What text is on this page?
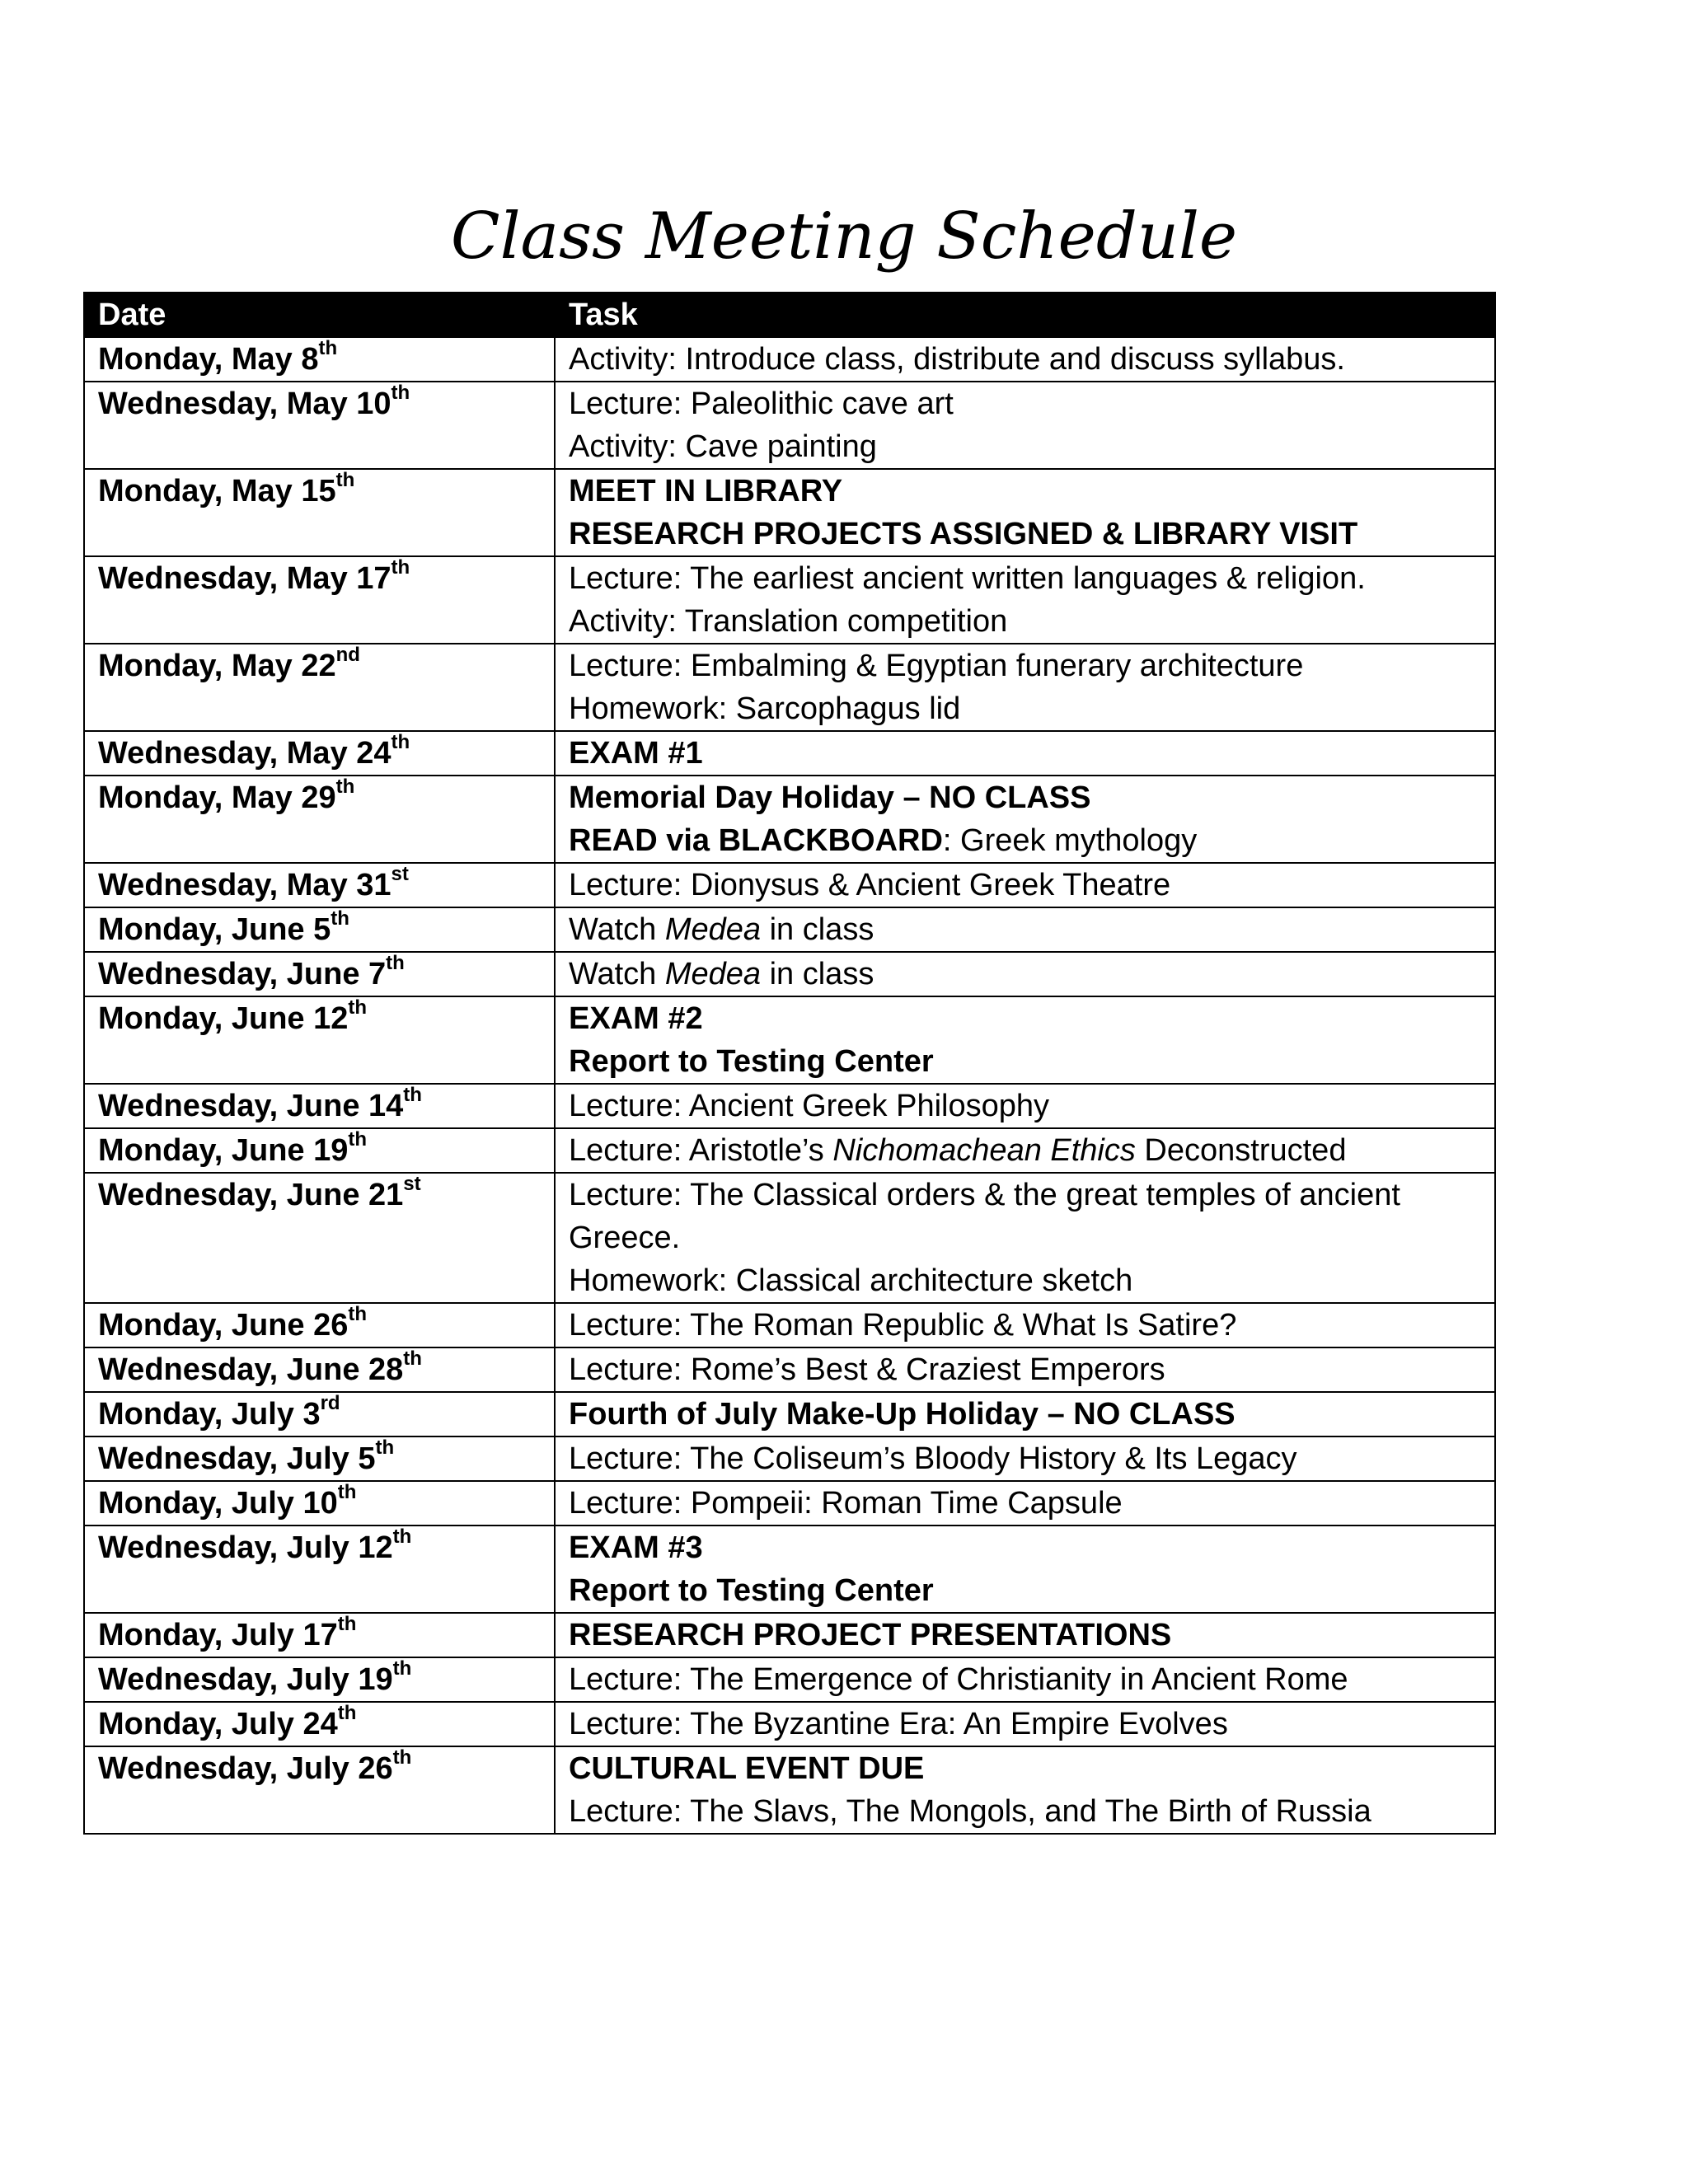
Class Meeting Schedule
Date	Task
Monday, May 8th	Activity: Introduce class, distribute and discuss syllabus.

Wednesday, May 10th	Lecture: Paleolithic cave art
Activity: Cave painting

Monday, May 15th	MEET IN LIBRARY
RESEARCH PROJECTS ASSIGNED & LIBRARY VISIT

Wednesday, May 17th	Lecture: The earliest ancient written languages & religion.
Activity: Translation competition

Monday, May 22nd	Lecture: Embalming & Egyptian funerary architecture
Homework: Sarcophagus lid

Wednesday, May 24th	EXAM #1

Monday, May 29th	Memorial Day Holiday – NO CLASS
READ via BLACKBOARD: Greek mythology

Wednesday, May 31st	Lecture: Dionysus & Ancient Greek Theatre

Monday, June 5th	Watch Medea in class

Wednesday, June 7th	Watch Medea in class

Monday, June 12th	EXAM #2
Report to Testing Center

Wednesday, June 14th	Lecture: Ancient Greek Philosophy

Monday, June 19th	Lecture: Aristotle’s Nichomachean Ethics Deconstructed

Wednesday, June 21st	Lecture: The Classical orders & the great temples of ancient Greece.
Homework: Classical architecture sketch

Monday, June 26th	Lecture: The Roman Republic & What Is Satire?

Wednesday, June 28th	Lecture: Rome’s Best & Craziest Emperors

Monday, July 3rd	Fourth of July Make-Up Holiday – NO CLASS

Wednesday, July 5th	Lecture: The Coliseum’s Bloody History & Its Legacy

Monday, July 10th	Lecture: Pompeii: Roman Time Capsule

Wednesday, July 12th	EXAM #3
Report to Testing Center

Monday, July 17th	RESEARCH PROJECT PRESENTATIONS

Wednesday, July 19th	Lecture: The Emergence of Christianity in Ancient Rome

Monday, July 24th	Lecture: The Byzantine Era: An Empire Evolves

Wednesday, July 26th	CULTURAL EVENT DUE
Lecture: The Slavs, The Mongols, and The Birth of Russia
